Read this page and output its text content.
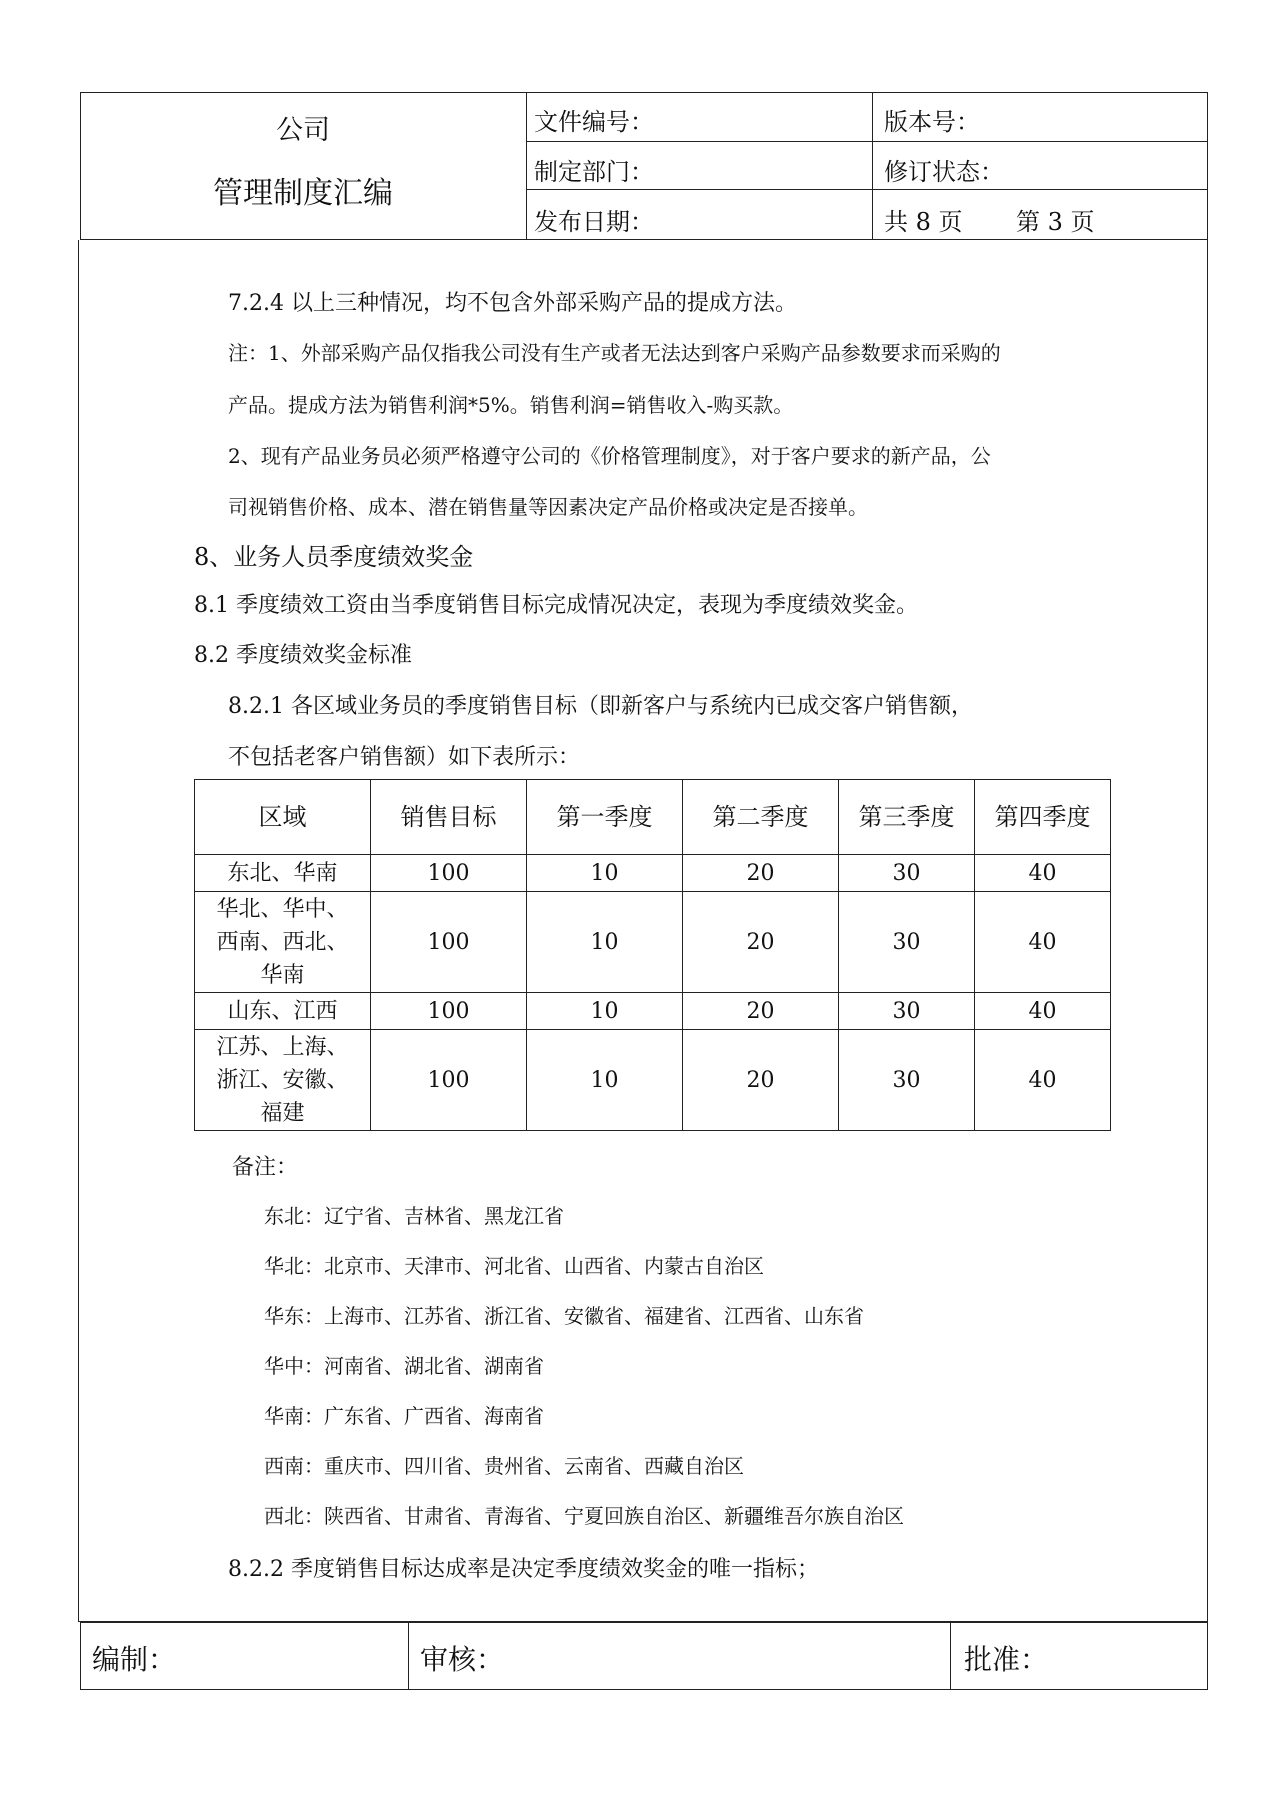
公司
管理制度汇编
文件编号：	版本号：
制定部门：	修订状态：
发布日期：	共 8 页 第 3 页
7.2.4 以上三种情况，均不包含外部采购产品的提成方法。
注：1、外部采购产品仅指我公司没有生产或者无法达到客户采购产品参数要求而采购的
产品。提成方法为销售利润*5%。销售利润=销售收入-购买款。
2、现有产品业务员必须严格遵守公司的《价格管理制度》，对于客户要求的新产品，公
司视销售价格、成本、潜在销售量等因素决定产品价格或决定是否接单。
8、业务人员季度绩效奖金
8.1 季度绩效工资由当季度销售目标完成情况决定，表现为季度绩效奖金。
8.2 季度绩效奖金标准
8.2.1 各区域业务员的季度销售目标（即新客户与系统内已成交客户销售额，
不包括老客户销售额）如下表所示：
区域	销售目标	第一季度	第二季度	第三季度	第四季度
东北、华南	100	10	20	30	40

华北、华中、
西南、西北、
华南	100	10	20	30	40
山东、江西	100	10	20	30	40

江苏、上海、
浙江、安徽、
福建	100	10	20	30	40
备注：
东北：辽宁省、吉林省、黑龙江省
华北：北京市、天津市、河北省、山西省、内蒙古自治区
华东：上海市、江苏省、浙江省、安徽省、福建省、江西省、山东省
华中：河南省、湖北省、湖南省
华南：广东省、广西省、海南省
西南：重庆市、四川省、贵州省、云南省、西藏自治区
西北：陕西省、甘肃省、青海省、宁夏回族自治区、新疆维吾尔族自治区
8.2.2 季度销售目标达成率是决定季度绩效奖金的唯一指标；
编制：	审核：	批准：
